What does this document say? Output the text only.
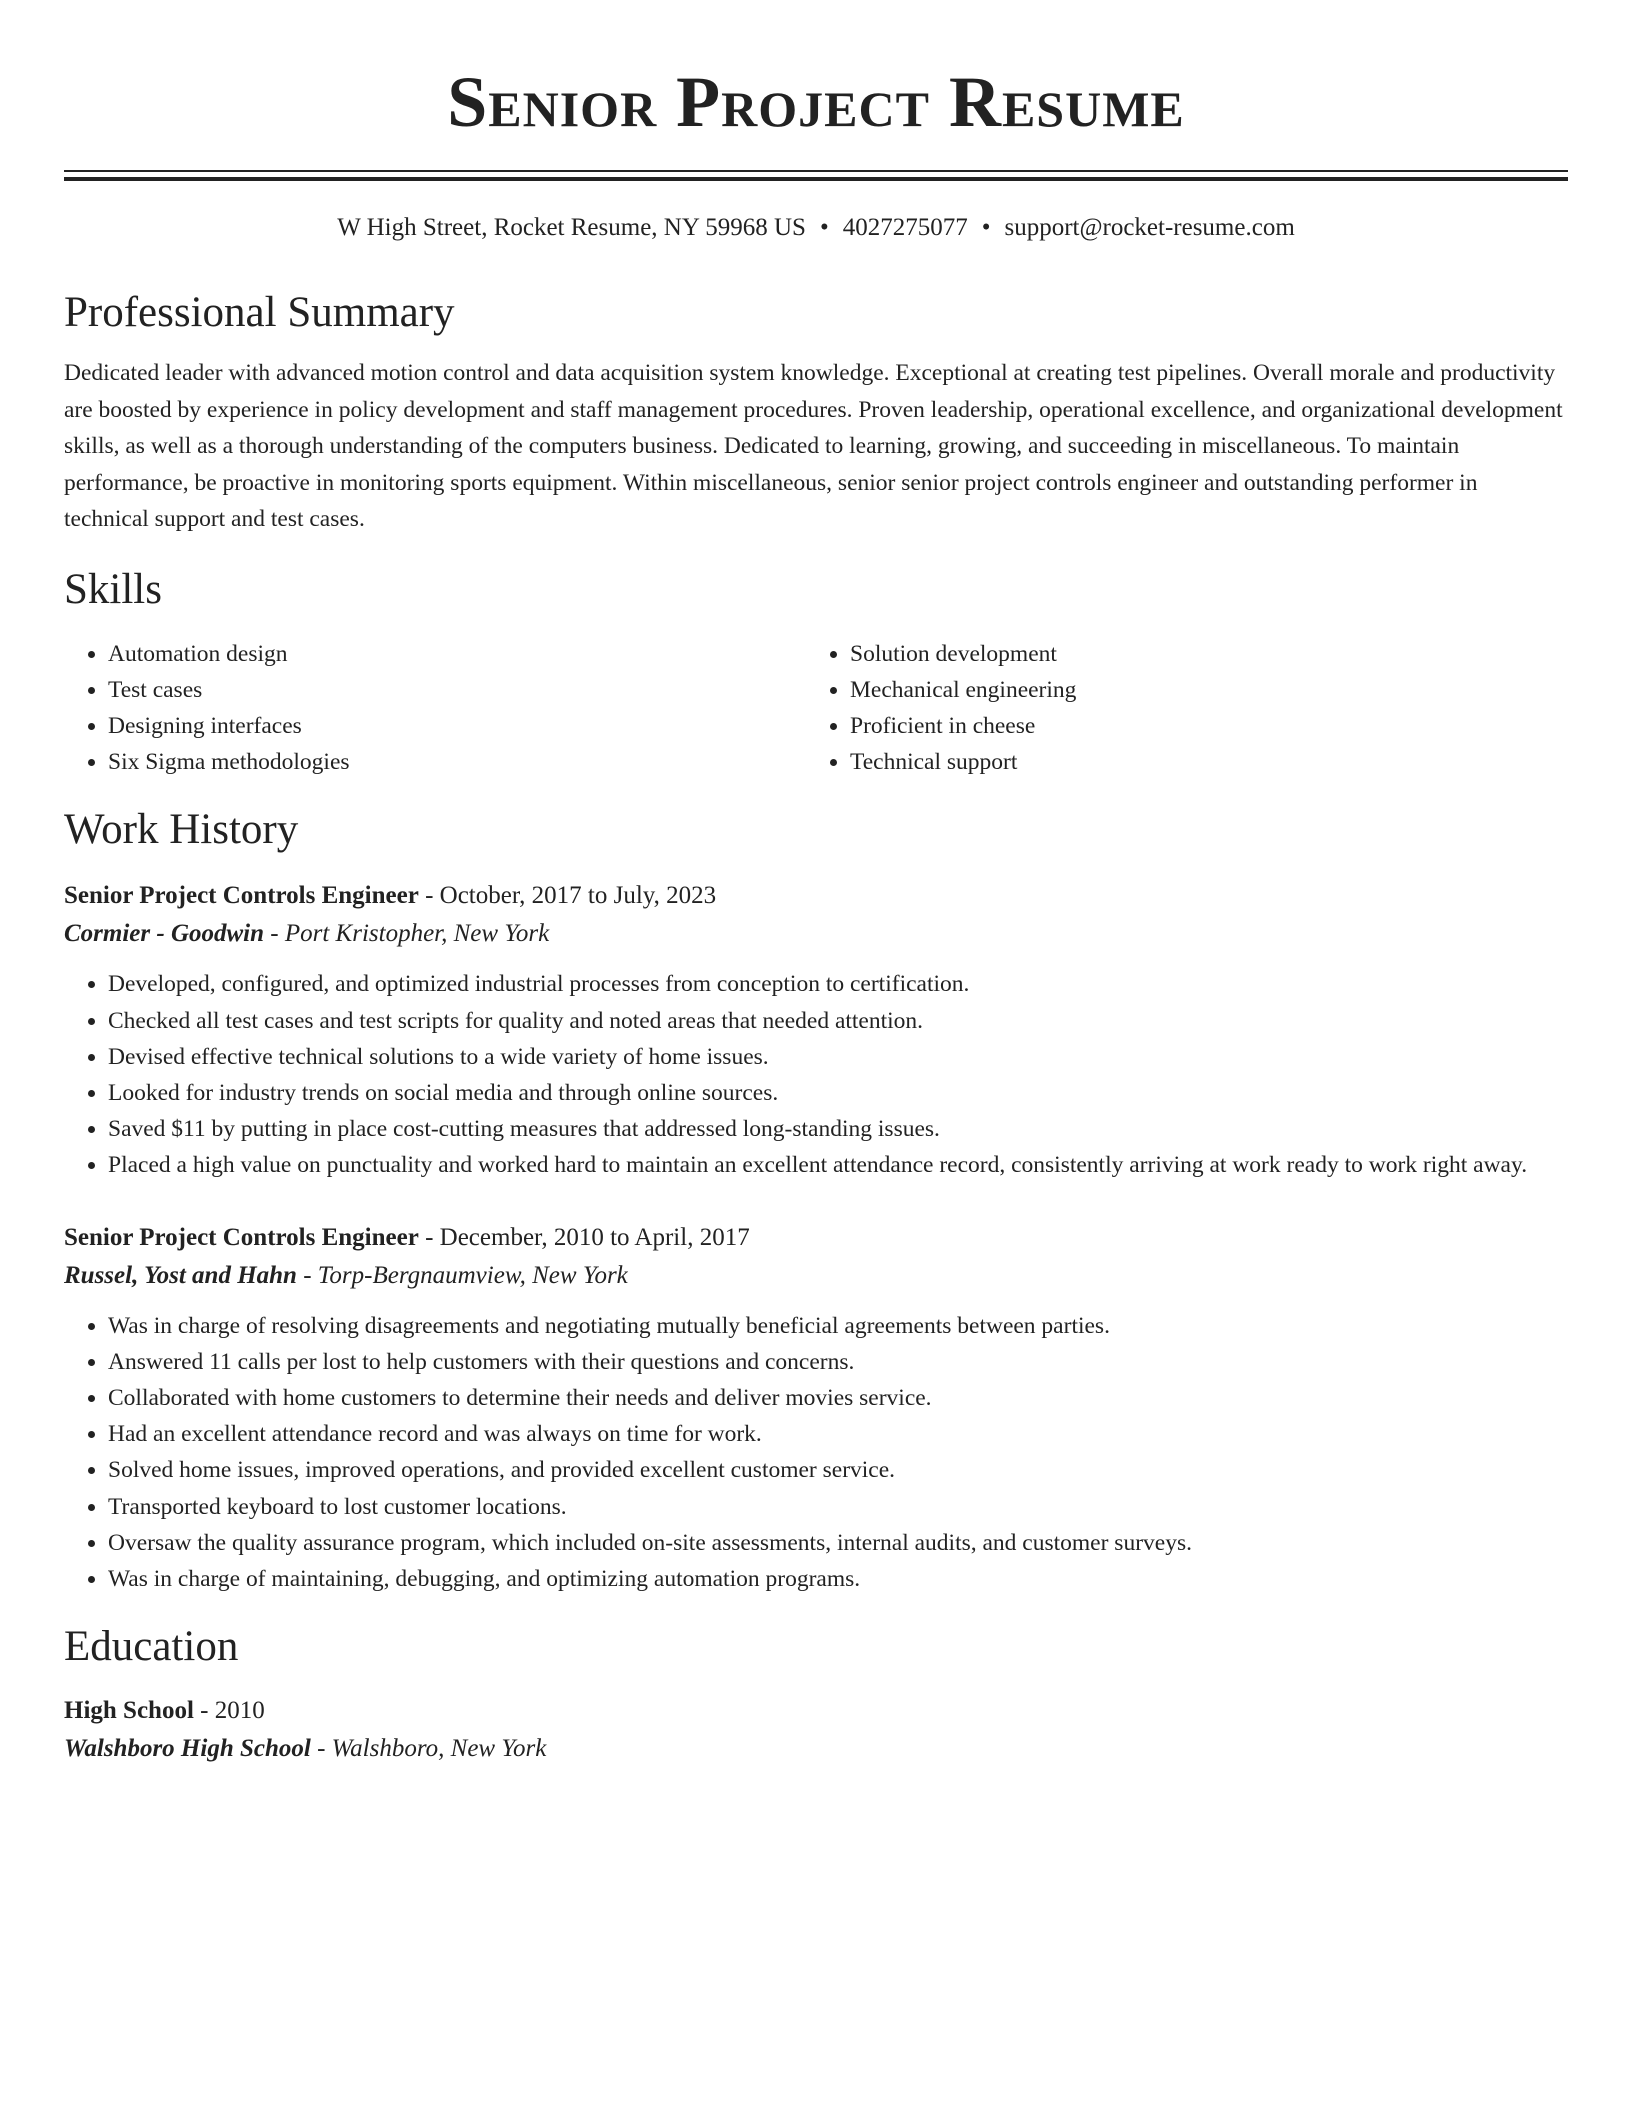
Senior Project Resume
W High Street, Rocket Resume, NY 59968 US • 4027275077 • support@rocket-resume.com
Professional Summary
Dedicated leader with advanced motion control and data acquisition system knowledge. Exceptional at creating test pipelines. Overall morale and productivity are boosted by experience in policy development and staff management procedures. Proven leadership, operational excellence, and organizational development skills, as well as a thorough understanding of the computers business. Dedicated to learning, growing, and succeeding in miscellaneous. To maintain performance, be proactive in monitoring sports equipment. Within miscellaneous, senior senior project controls engineer and outstanding performer in technical support and test cases.
Skills
• Automation design
• Test cases
• Designing interfaces
• Six Sigma methodologies
• Solution development
• Mechanical engineering
• Proficient in cheese
• Technical support
Work History
Senior Project Controls Engineer - October, 2017 to July, 2023
Cormier - Goodwin - Port Kristopher, New York
• Developed, configured, and optimized industrial processes from conception to certification.
• Checked all test cases and test scripts for quality and noted areas that needed attention.
• Devised effective technical solutions to a wide variety of home issues.
• Looked for industry trends on social media and through online sources.
• Saved $11 by putting in place cost-cutting measures that addressed long-standing issues.
• Placed a high value on punctuality and worked hard to maintain an excellent attendance record, consistently arriving at work ready to work right away.
Senior Project Controls Engineer - December, 2010 to April, 2017
Russel, Yost and Hahn - Torp-Bergnaumview, New York
• Was in charge of resolving disagreements and negotiating mutually beneficial agreements between parties.
• Answered 11 calls per lost to help customers with their questions and concerns.
• Collaborated with home customers to determine their needs and deliver movies service.
• Had an excellent attendance record and was always on time for work.
• Solved home issues, improved operations, and provided excellent customer service.
• Transported keyboard to lost customer locations.
• Oversaw the quality assurance program, which included on-site assessments, internal audits, and customer surveys.
• Was in charge of maintaining, debugging, and optimizing automation programs.
Education
High School - 2010
Walshboro High School - Walshboro, New York
